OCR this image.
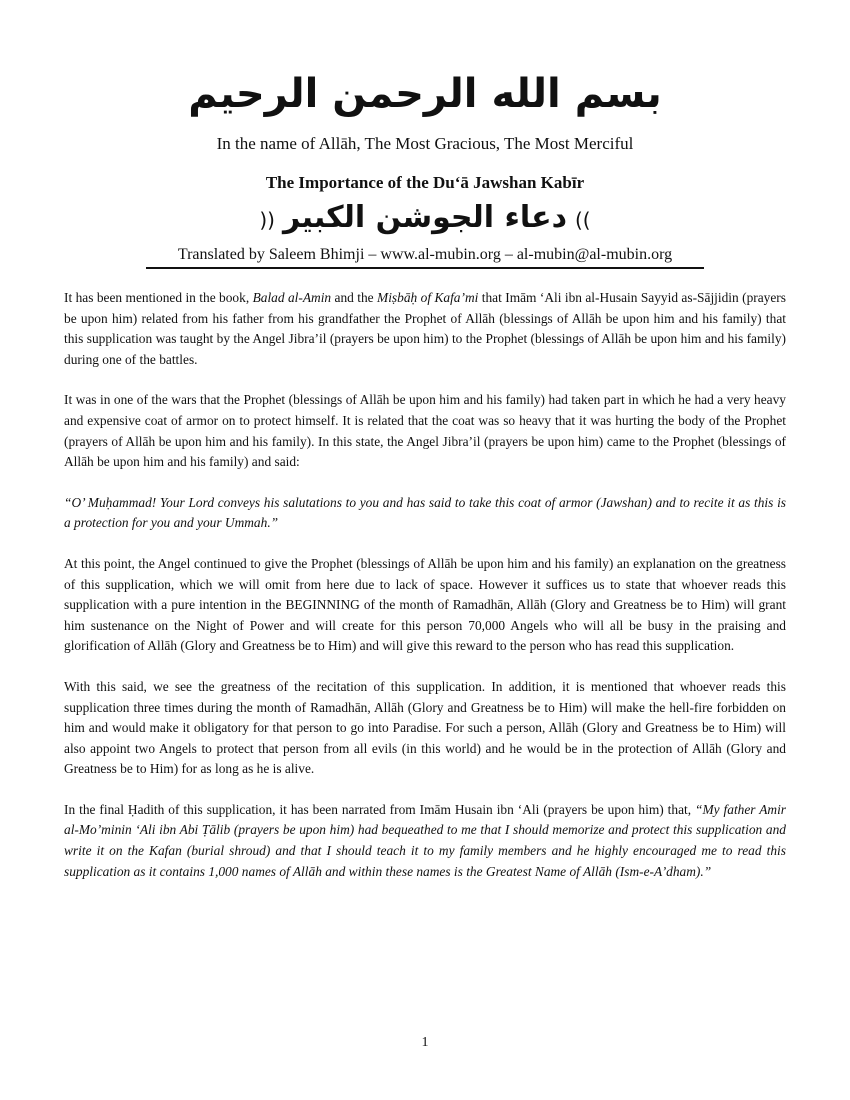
بسم الله الرحمن الرحيم
In the name of Allāh, The Most Gracious, The Most Merciful
The Importance of the Du‘ā Jawshan Kabīr
))دعاء الجوشن الكبير((
Translated by Saleem Bhimji – www.al-mubin.org – al-mubin@al-mubin.org

It has been mentioned in the book, Balad al-Amin and the Miṣbāḥ of Kafa’mi that Imām ‘Ali ibn al-Husain Sayyid as-Sājjidin (prayers be upon him) related from his father from his grandfather the Prophet of Allāh (blessings of Allāh be upon him and his family) that this supplication was taught by the Angel Jibra’il (prayers be upon him) to the Prophet (blessings of Allāh be upon him and his family) during one of the battles.

It was in one of the wars that the Prophet (blessings of Allāh be upon him and his family) had taken part in which he had a very heavy and expensive coat of armor on to protect himself. It is related that the coat was so heavy that it was hurting the body of the Prophet (prayers of Allāh be upon him and his family). In this state, the Angel Jibra’il (prayers be upon him) came to the Prophet (blessings of Allāh be upon him and his family) and said:

“O’ Muḥammad! Your Lord conveys his salutations to you and has said to take this coat of armor (Jawshan) and to recite it as this is a protection for you and your Ummah.”

At this point, the Angel continued to give the Prophet (blessings of Allāh be upon him and his family) an explanation on the greatness of this supplication, which we will omit from here due to lack of space. However it suffices us to state that whoever reads this supplication with a pure intention in the BEGINNING of the month of Ramadhān, Allāh (Glory and Greatness be to Him) will grant him sustenance on the Night of Power and will create for this person 70,000 Angels who will all be busy in the praising and glorification of Allāh (Glory and Greatness be to Him) and will give this reward to the person who has read this supplication.

With this said, we see the greatness of the recitation of this supplication. In addition, it is mentioned that whoever reads this supplication three times during the month of Ramadhān, Allāh (Glory and Greatness be to Him) will make the hell-fire forbidden on him and would make it obligatory for that person to go into Paradise. For such a person, Allāh (Glory and Greatness be to Him) will also appoint two Angels to protect that person from all evils (in this world) and he would be in the protection of Allāh (Glory and Greatness be to Him) for as long as he is alive.

In the final Ḥadith of this supplication, it has been narrated from Imām Husain ibn ‘Ali (prayers be upon him) that, “My father Amir al-Mo’minin ‘Ali ibn Abi Ṭālib (prayers be upon him) had bequeathed to me that I should memorize and protect this supplication and write it on the Kafan (burial shroud) and that I should teach it to my family members and he highly encouraged me to read this supplication as it contains 1,000 names of Allāh and within these names is the Greatest Name of Allāh (Ism-e-A’dham).”

1
